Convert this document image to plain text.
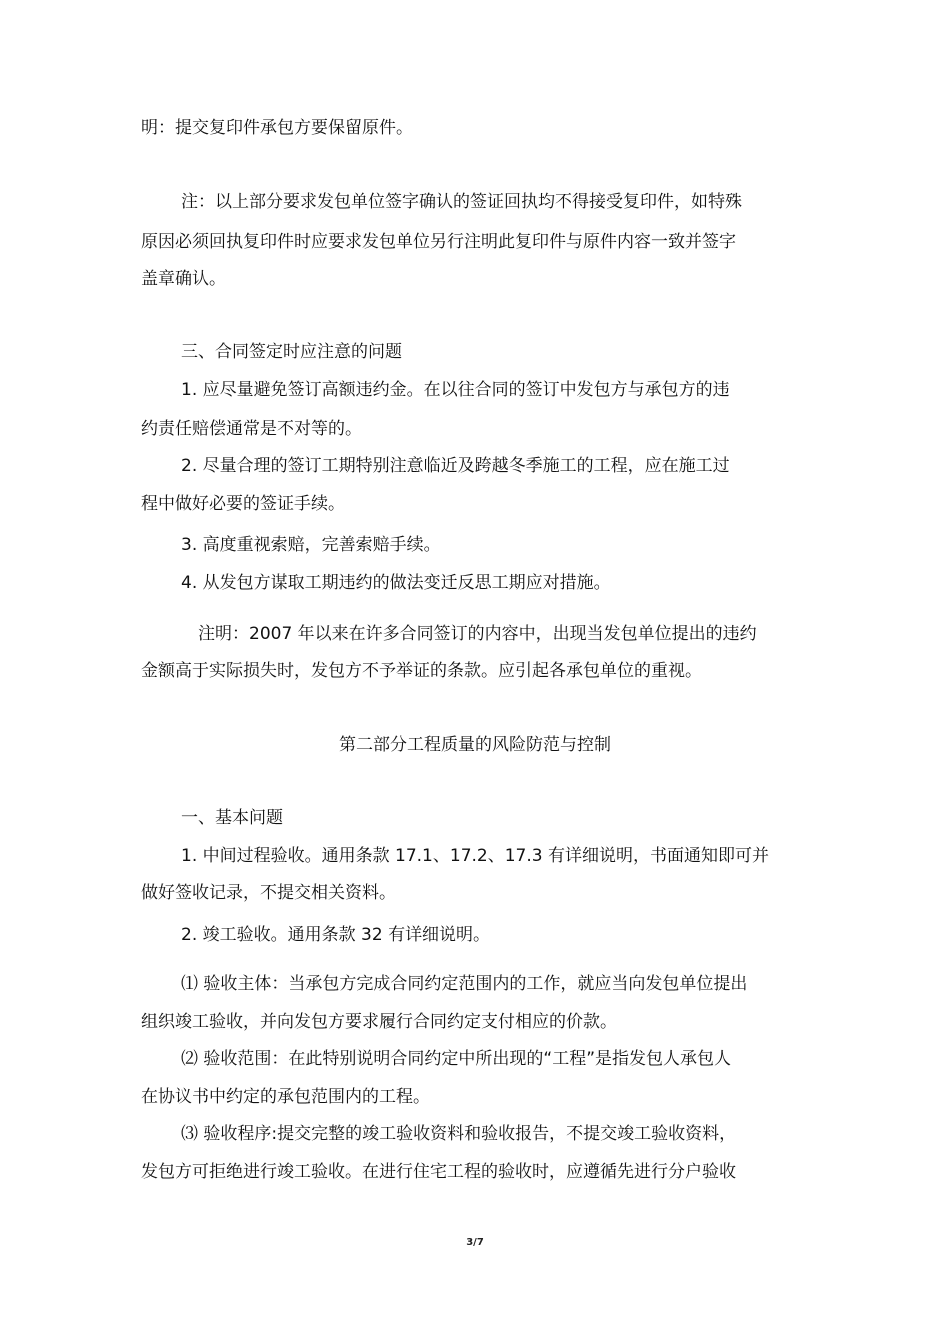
明：提交复印件承包方要保留原件。
注：以上部分要求发包单位签字确认的签证回执均不得接受复印件，如特殊
原因必须回执复印件时应要求发包单位另行注明此复印件与原件内容一致并签字
盖章确认。
三、合同签定时应注意的问题
1. 应尽量避免签订高额违约金。在以往合同的签订中发包方与承包方的违
约责任赔偿通常是不对等的。
2. 尽量合理的签订工期特别注意临近及跨越冬季施工的工程，应在施工过
程中做好必要的签证手续。
3. 高度重视索赔，完善索赔手续。
4. 从发包方谋取工期违约的做法变迁反思工期应对措施。
注明：2007 年以来在许多合同签订的内容中，出现当发包单位提出的违约
金额高于实际损失时，发包方不予举证的条款。应引起各承包单位的重视。
第二部分工程质量的风险防范与控制
一、基本问题
1. 中间过程验收。通用条款 17.1、17.2、17.3 有详细说明，书面通知即可并
做好签收记录，不提交相关资料。
2. 竣工验收。通用条款 32 有详细说明。
⑴ 验收主体：当承包方完成合同约定范围内的工作，就应当向发包单位提出
组织竣工验收，并向发包方要求履行合同约定支付相应的价款。
⑵ 验收范围：在此特别说明合同约定中所出现的“工程”是指发包人承包人
在协议书中约定的承包范围内的工程。
⑶ 验收程序:提交完整的竣工验收资料和验收报告，不提交竣工验收资料，
发包方可拒绝进行竣工验收。在进行住宅工程的验收时，应遵循先进行分户验收
3/7
